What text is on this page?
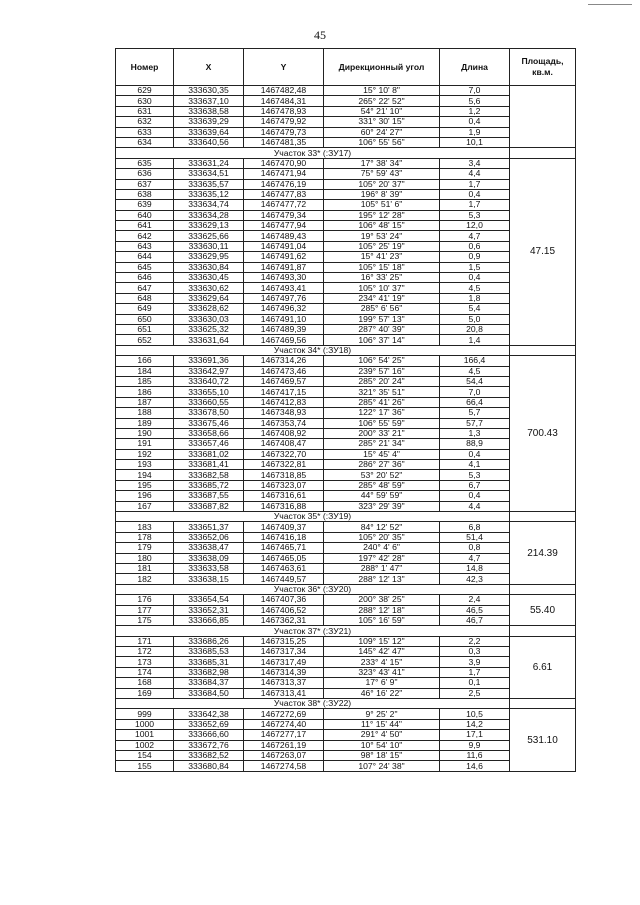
45
Номер	X	Y	Дирекционный угол	Длина	Площадь, кв.м.
629	333630,35	1467482,48	15° 10' 8"	7,0	
630	333637,10	1467484,31	265° 22' 52"	5,6	
631	333638,58	1467478,93	54° 21' 10"	1,2	
632	333639,29	1467479,92	331° 30' 15"	0,4	
633	333639,64	1467479,73	60° 24' 27"	1,9	
634	333640,56	1467481,35	106° 55' 56"	10,1	
Участок 33* (:ЗУ17)					
635	333631,24	1467470,90	17° 38' 34"	3,4	47.15
636	333634,51	1467471,94	75° 59' 43"	4,4	
637	333635,57	1467476,19	105° 20' 37"	1,7	
638	333635,12	1467477,83	196° 8' 39"	0,4	
639	333634,74	1467477,72	105° 51' 6"	1,7	
640	333634,28	1467479,34	195° 12' 28"	5,3	
641	333629,13	1467477,94	106° 48' 15"	12,0	
642	333625,66	1467489,43	19° 53' 24"	4,7	
643	333630,11	1467491,04	105° 25' 19"	0,6	
644	333629,95	1467491,62	15° 41' 23"	0,9	
645	333630,84	1467491,87	105° 15' 18"	1,5	
646	333630,45	1467493,30	16° 33' 25"	0,4	
647	333630,62	1467493,41	105° 10' 37"	4,5	
648	333629,64	1467497,76	234° 41' 19"	1,8	
649	333628,62	1467496,32	285° 6' 56"	5,4	
650	333630,03	1467491,10	199° 57' 13"	5,0	
651	333625,32	1467489,39	287° 40' 39"	20,8	
652	333631,64	1467469,56	106° 37' 14"	1,4	
Участок 34* (:ЗУ18)					
166	333691,36	1467314,26	106° 54' 25"	166,4	700.43
184	333642,97	1467473,46	239° 57' 16"	4,5	
185	333640,72	1467469,57	285° 20' 24"	54,4	
186	333655,10	1467417,15	321° 35' 51"	7,0	
187	333660,55	1467412,83	285° 41' 26"	66,4	
188	333678,50	1467348,93	122° 17' 36"	5,7	
189	333675,46	1467353,74	106° 55' 59"	57,7	
190	333658,66	1467408,92	200° 33' 21"	1,3	
191	333657,46	1467408,47	285° 21' 34"	88,9	
192	333681,02	1467322,70	15° 45' 4"	0,4	
193	333681,41	1467322,81	286° 27' 36"	4,1	
194	333682,58	1467318,85	53° 20' 52"	5,3	
195	333685,72	1467323,07	285° 48' 59"	6,7	
196	333687,55	1467316,61	44° 59' 59"	0,4	
167	333687,82	1467316,88	323° 29' 39"	4,4	
Участок 35* (:ЗУ19)					
183	333651,37	1467409,37	84° 12' 52"	6,8	214.39
178	333652,06	1467416,18	105° 20' 35"	51,4	
179	333638,47	1467465,71	240° 4' 6"	0,8	
180	333638,09	1467465,05	197° 42' 28"	4,7	
181	333633,58	1467463,61	288° 1' 47"	14,8	
182	333638,15	1467449,57	288° 12' 13"	42,3	
Участок 36* (:ЗУ20)					
176	333654,54	1467407,36	200° 38' 25"	2,4	55.40
177	333652,31	1467406,52	288° 12' 18"	46,5	
175	333666,85	1467362,31	105° 16' 59"	46,7	
Участок 37* (:ЗУ21)					
171	333686,26	1467315,25	109° 15' 12"	2,2	6.61
172	333685,53	1467317,34	145° 42' 47"	0,3	
173	333685,31	1467317,49	233° 4' 15"	3,9	
174	333682,98	1467314,39	323° 43' 41"	1,7	
168	333684,37	1467313,37	17° 6' 9"	0,1	
169	333684,50	1467313,41	46° 16' 22"	2,5	
Участок 38* (:ЗУ22)					
999	333642,38	1467272,69	9° 25' 2"	10,5	531.10
1000	333652,69	1467274,40	11° 15' 44"	14,2	
1001	333666,60	1467277,17	291° 4' 50"	17,1	
1002	333672,76	1467261,19	10° 54' 10"	9,9	
154	333682,52	1467263,07	98° 18' 15"	11,6	
155	333680,84	1467274,58	107° 24' 38"	14,6	
